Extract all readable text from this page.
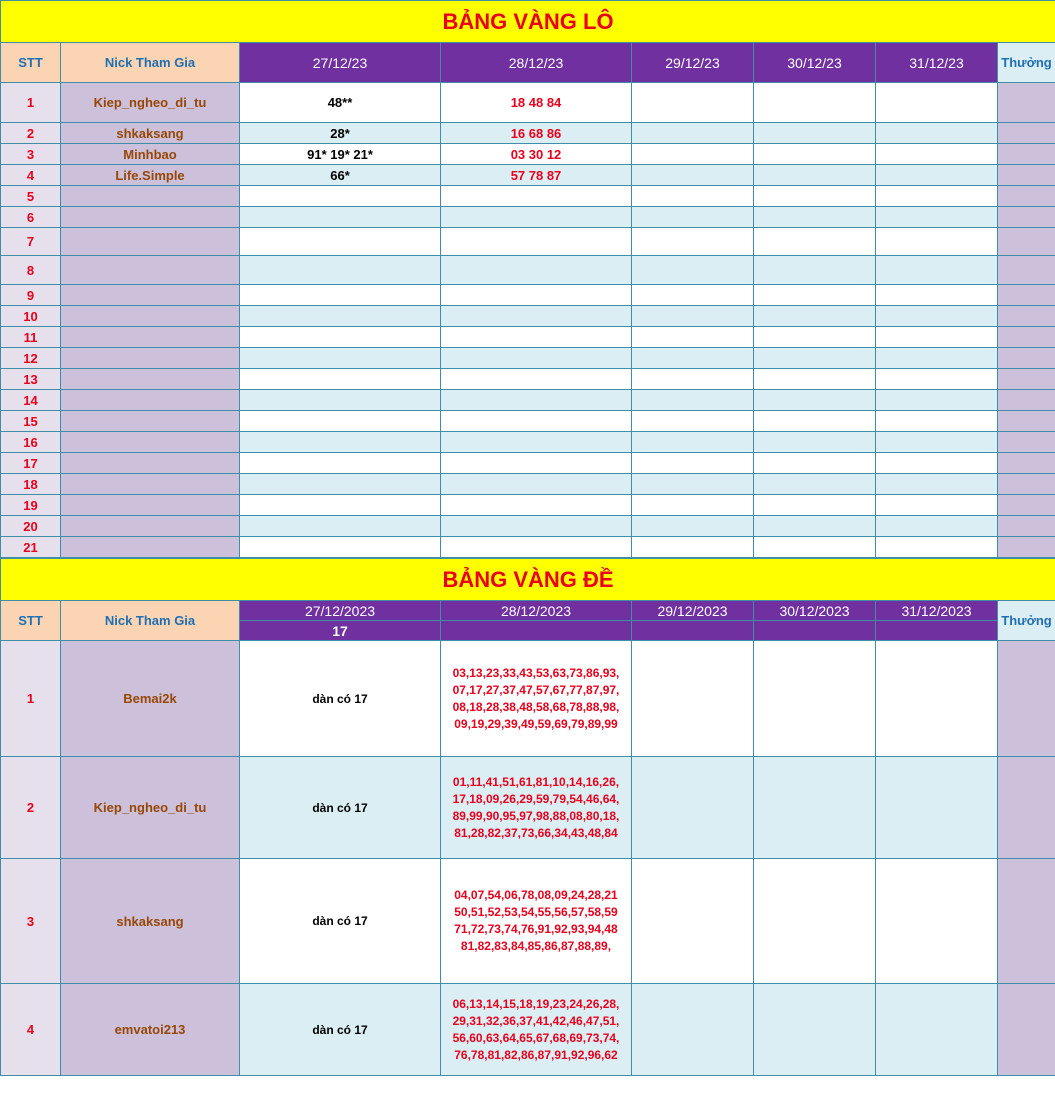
BẢNG VÀNG LÔ							
STT	Nick Tham Gia	27/12/23	28/12/23	29/12/23	30/12/23	31/12/23	Thưởng
1	Kiep_ngheo_di_tu	48**	18 48 84				
2	shkaksang	28*	16 68 86				
3	Minhbao	91* 19* 21*	03 30 12				
4	Life.Simple	66*	57 78 87				
5							
6							
7							
8							
9							
10							
11							
12							
13							
14							
15							
16							
17							
18							
19							
20							
21							
BẢNG VÀNG ĐỀ							
STT	Nick Tham Gia	27/12/2023	28/12/2023	29/12/2023	30/12/2023	31/12/2023	Thưởng
		17					
1	Bemai2k	dàn có 17	03,13,23,33,43,53,63,73,86,93,
07,17,27,37,47,57,67,77,87,97,
08,18,28,38,48,58,68,78,88,98,
09,19,29,39,49,59,69,79,89,99				

2	Kiep_ngheo_di_tu	dàn có 17	01,11,41,51,61,81,10,14,16,26,
17,18,09,26,29,59,79,54,46,64,
89,99,90,95,97,98,88,08,80,18,
81,28,82,37,73,66,34,43,48,84				

3	shkaksang	dàn có 17	04,07,54,06,78,08,09,24,28,21
50,51,52,53,54,55,56,57,58,59
71,72,73,74,76,91,92,93,94,48
81,82,83,84,85,86,87,88,89,				

4	emvatoi213	dàn có 17	06,13,14,15,18,19,23,24,26,28,
29,31,32,36,37,41,42,46,47,51,
56,60,63,64,65,67,68,69,73,74,
76,78,81,82,86,87,91,92,96,62				
